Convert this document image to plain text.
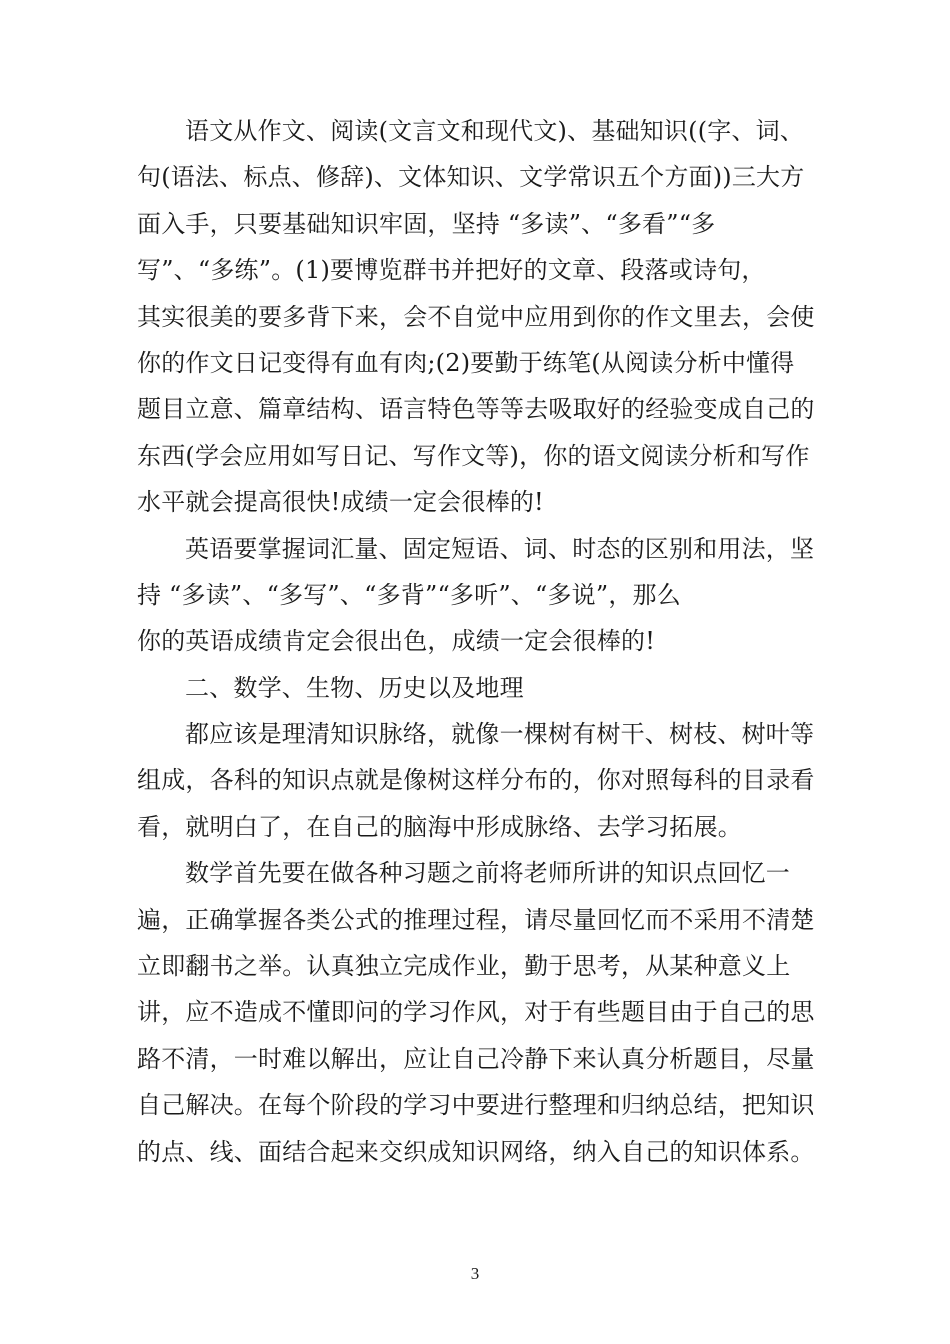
语文从作文、阅读(文言文和现代文)、基础知识((字、词、
句(语法、标点、修辞)、文体知识、文学常识五个方面))三大方
面入手，只要基础知识牢固，坚持 “多读”、“多看”“多
写”、“多练”。(1)要博览群书并把好的文章、段落或诗句，
其实很美的要多背下来，会不自觉中应用到你的作文里去，会使
你的作文日记变得有血有肉;(2)要勤于练笔(从阅读分析中懂得
题目立意、篇章结构、语言特色等等去吸取好的经验变成自己的
东西(学会应用如写日记、写作文等)，你的语文阅读分析和写作
水平就会提高很快!成绩一定会很棒的!
英语要掌握词汇量、固定短语、词、时态的区别和用法，坚
持 “多读”、“多写”、“多背”“多听”、“多说”，那么
你的英语成绩肯定会很出色，成绩一定会很棒的!
二、数学、生物、历史以及地理
都应该是理清知识脉络，就像一棵树有树干、树枝、树叶等
组成，各科的知识点就是像树这样分布的，你对照每科的目录看
看，就明白了，在自己的脑海中形成脉络、去学习拓展。
数学首先要在做各种习题之前将老师所讲的知识点回忆一
遍，正确掌握各类公式的推理过程，请尽量回忆而不采用不清楚
立即翻书之举。认真独立完成作业，勤于思考，从某种意义上
讲，应不造成不懂即问的学习作风，对于有些题目由于自己的思
路不清，一时难以解出，应让自己冷静下来认真分析题目，尽量
自己解决。在每个阶段的学习中要进行整理和归纳总结，把知识
的点、线、面结合起来交织成知识网络，纳入自己的知识体系。
3
